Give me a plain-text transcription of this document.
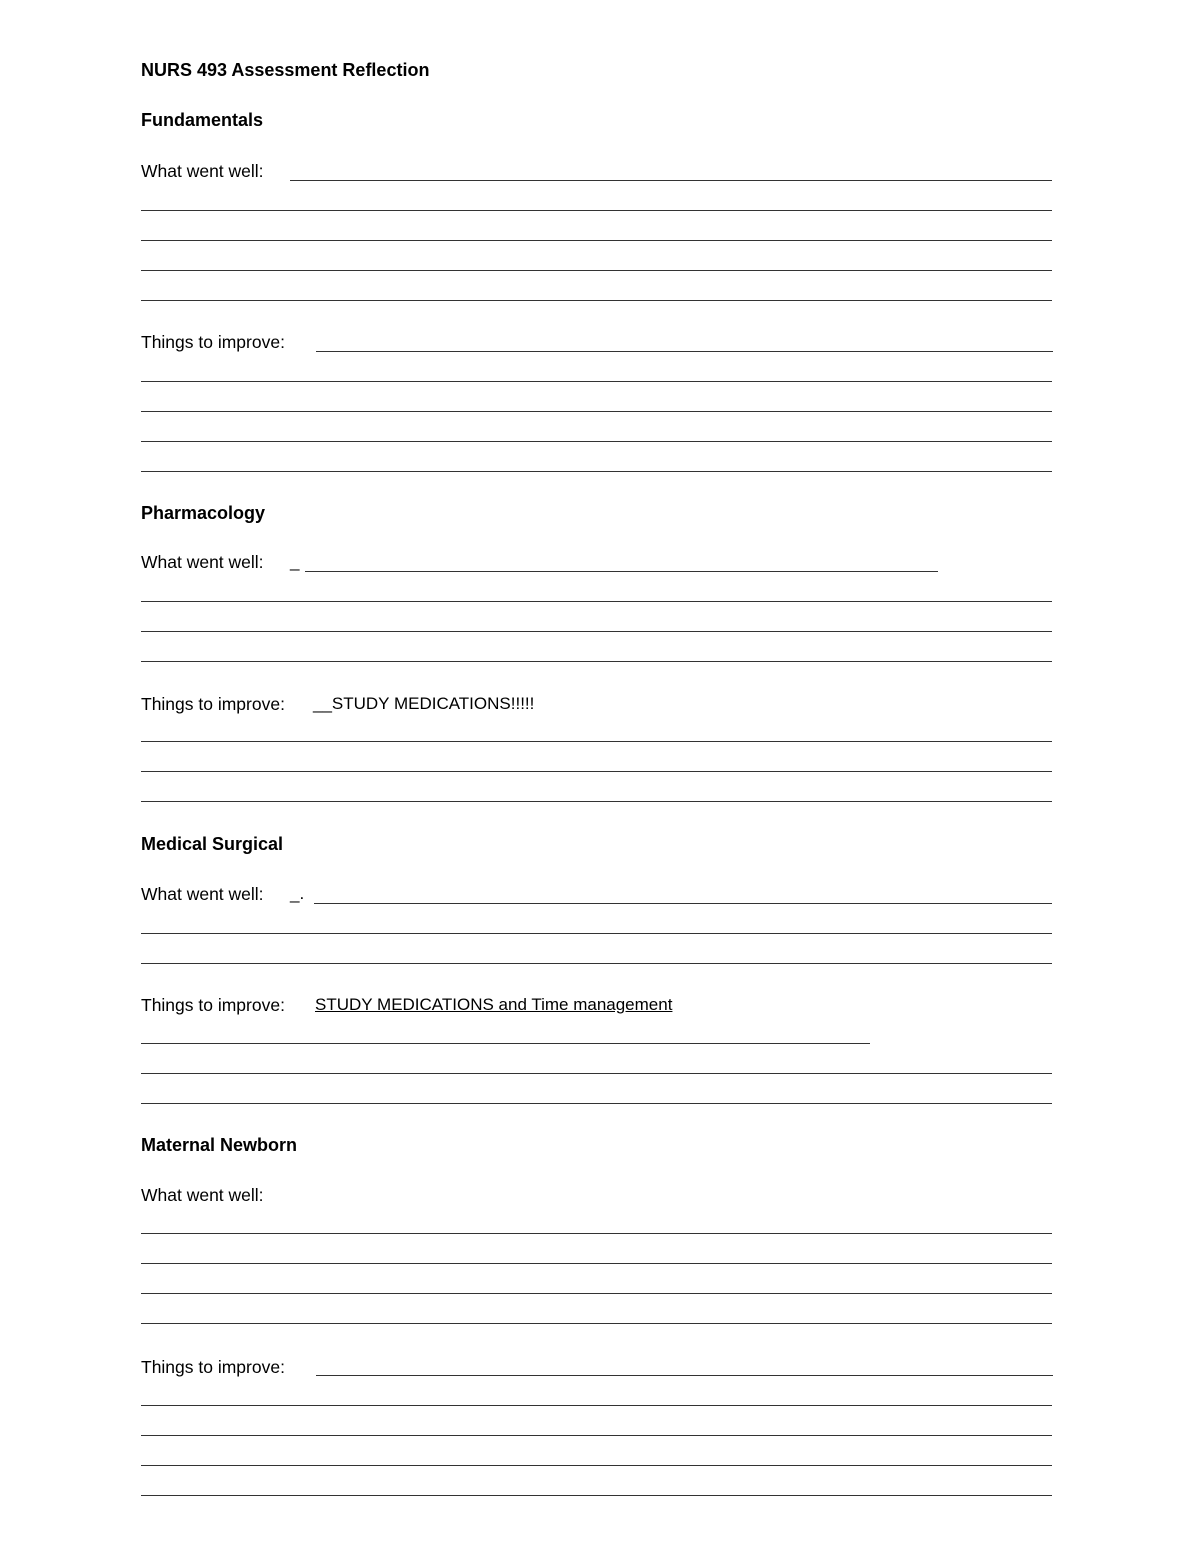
NURS 493 Assessment Reflection
Fundamentals
What went well:
Things to improve:
Pharmacology
What went well: _
Things to improve: __STUDY MEDICATIONS!!!!!
Medical Surgical
What went well: _.
Things to improve: STUDY MEDICATIONS and Time management
Maternal Newborn
What went well:
Things to improve:
